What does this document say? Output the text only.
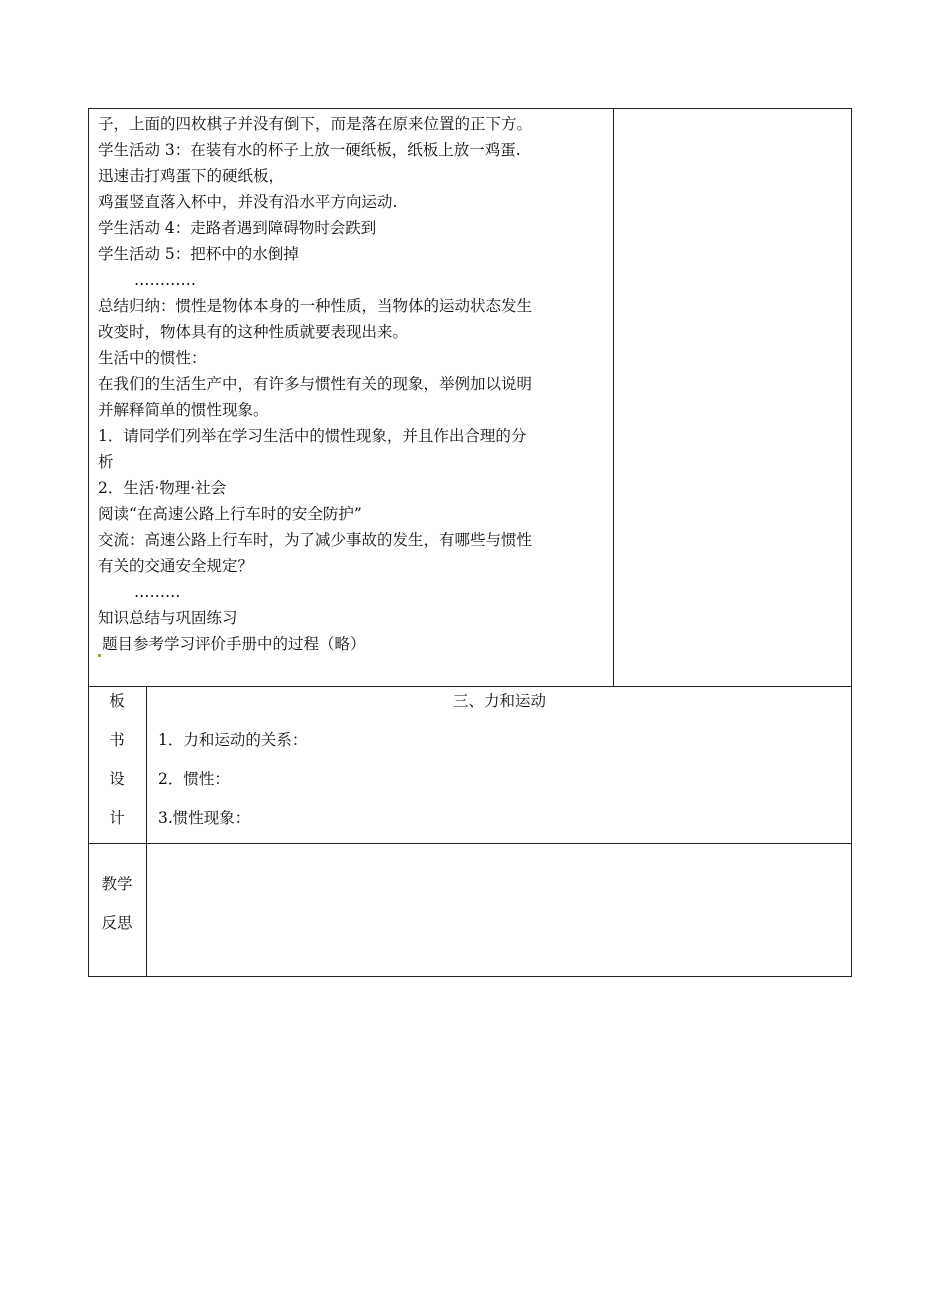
子，上面的四枚棋子并没有倒下，而是落在原来位置的正下方。
学生活动 3：在装有水的杯子上放一硬纸板，纸板上放一鸡蛋.
迅速击打鸡蛋下的硬纸板，
鸡蛋竖直落入杯中，并没有沿水平方向运动.
学生活动 4：走路者遇到障碍物时会跌到
学生活动 5：把杯中的水倒掉
…………
总结归纳：惯性是物体本身的一种性质，当物体的运动状态发生
改变时，物体具有的这种性质就要表现出来。
生活中的惯性：
在我们的生活生产中，有许多与惯性有关的现象，举例加以说明
并解释简单的惯性现象。
1．请同学们列举在学习生活中的惯性现象，并且作出合理的分
析
2．生活·物理·社会
阅读“在高速公路上行车时的安全防护”
交流：高速公路上行车时，为了减少事故的发生，有哪些与惯性
有关的交通安全规定？
………
知识总结与巩固练习
题目参考学习评价手册中的过程（略）
板
书
设
计
三、力和运动
1．力和运动的关系：
2．惯性：
3.惯性现象：
教学
反思
